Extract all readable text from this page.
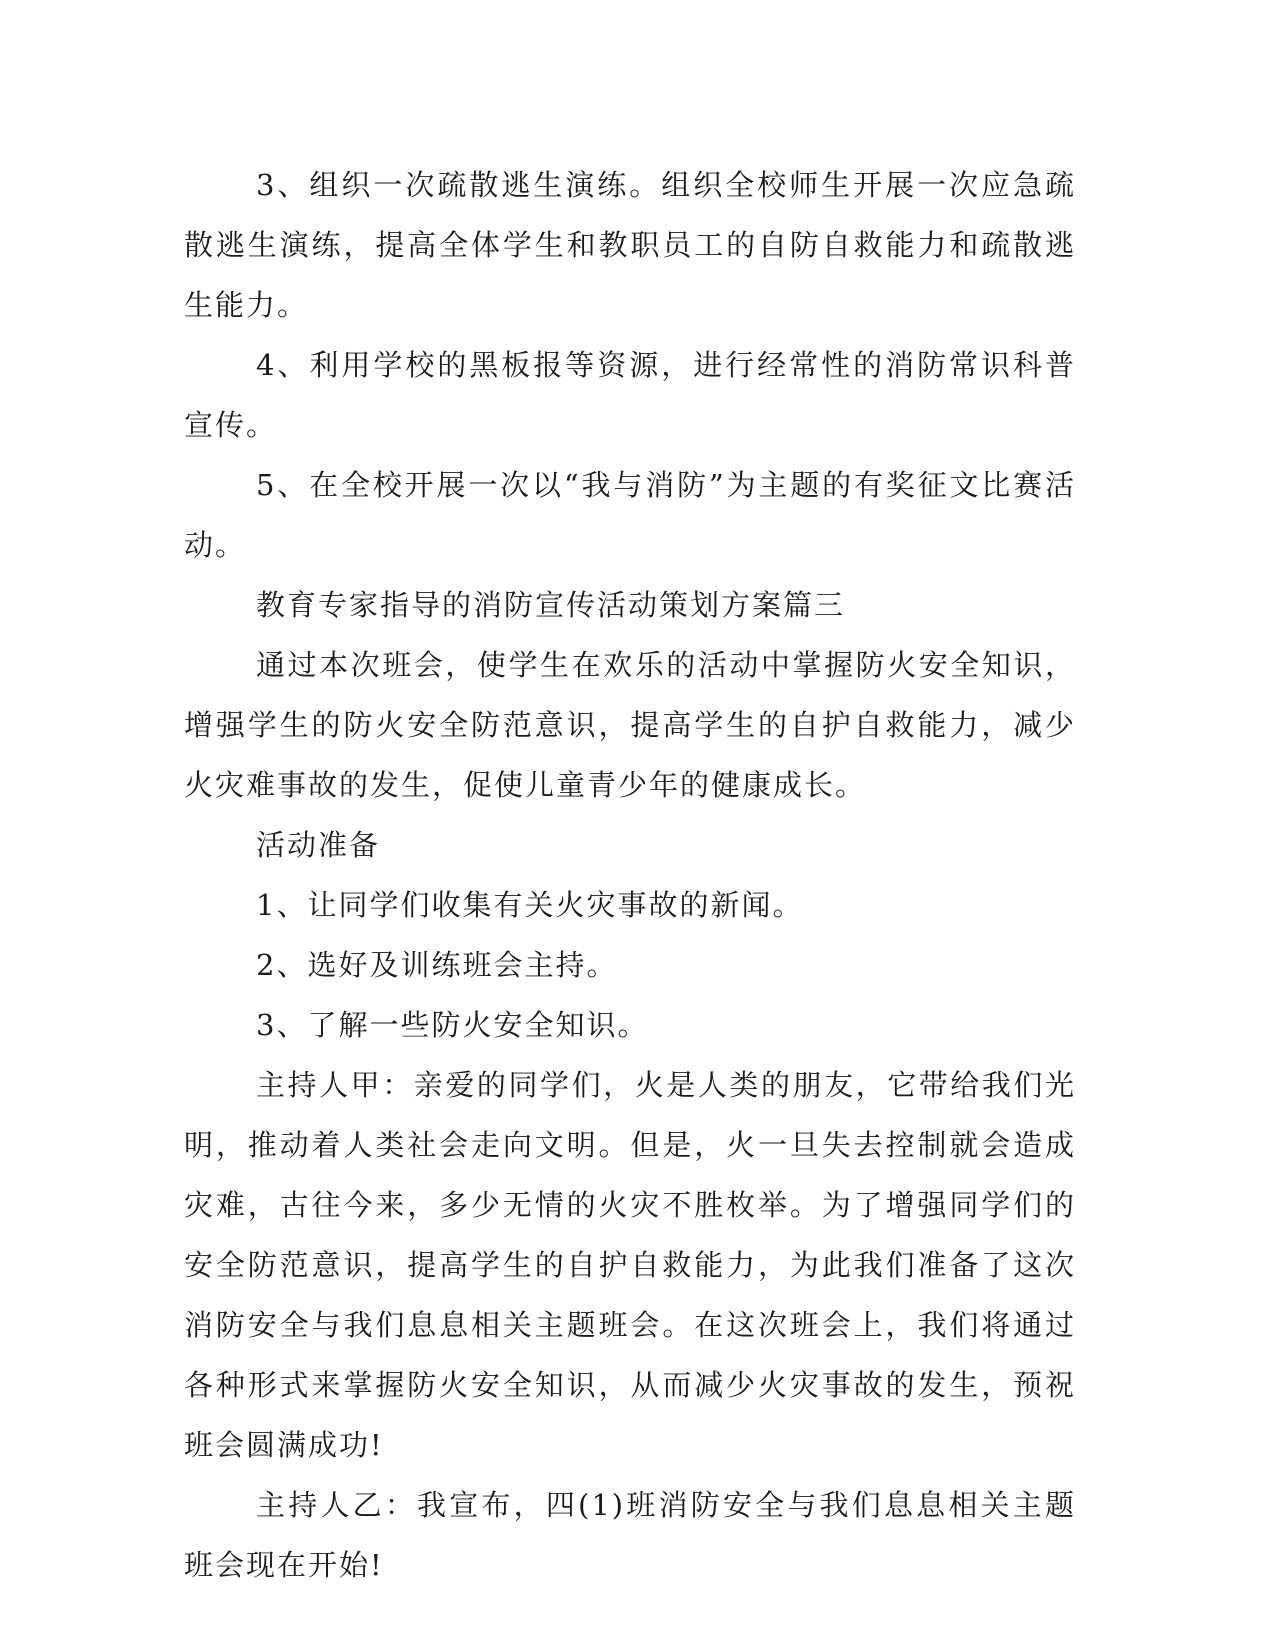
3、组织一次疏散逃生演练。组织全校师生开展一次应急疏散逃生演练，提高全体学生和教职员工的自防自救能力和疏散逃生能力。

4、利用学校的黑板报等资源，进行经常性的消防常识科普宣传。

5、在全校开展一次以“我与消防”为主题的有奖征文比赛活动。

教育专家指导的消防宣传活动策划方案篇三

通过本次班会，使学生在欢乐的活动中掌握防火安全知识，增强学生的防火安全防范意识，提高学生的自护自救能力，减少火灾难事故的发生，促使儿童青少年的健康成长。

活动准备

1、让同学们收集有关火灾事故的新闻。

2、选好及训练班会主持。

3、了解一些防火安全知识。

主持人甲：亲爱的同学们，火是人类的朋友，它带给我们光明，推动着人类社会走向文明。但是，火一旦失去控制就会造成灾难，古往今来，多少无情的火灾不胜枚举。为了增强同学们的安全防范意识，提高学生的自护自救能力，为此我们准备了这次消防安全与我们息息相关主题班会。在这次班会上，我们将通过各种形式来掌握防火安全知识，从而减少火灾事故的发生，预祝班会圆满成功!

主持人乙：我宣布，四(1)班消防安全与我们息息相关主题班会现在开始!
